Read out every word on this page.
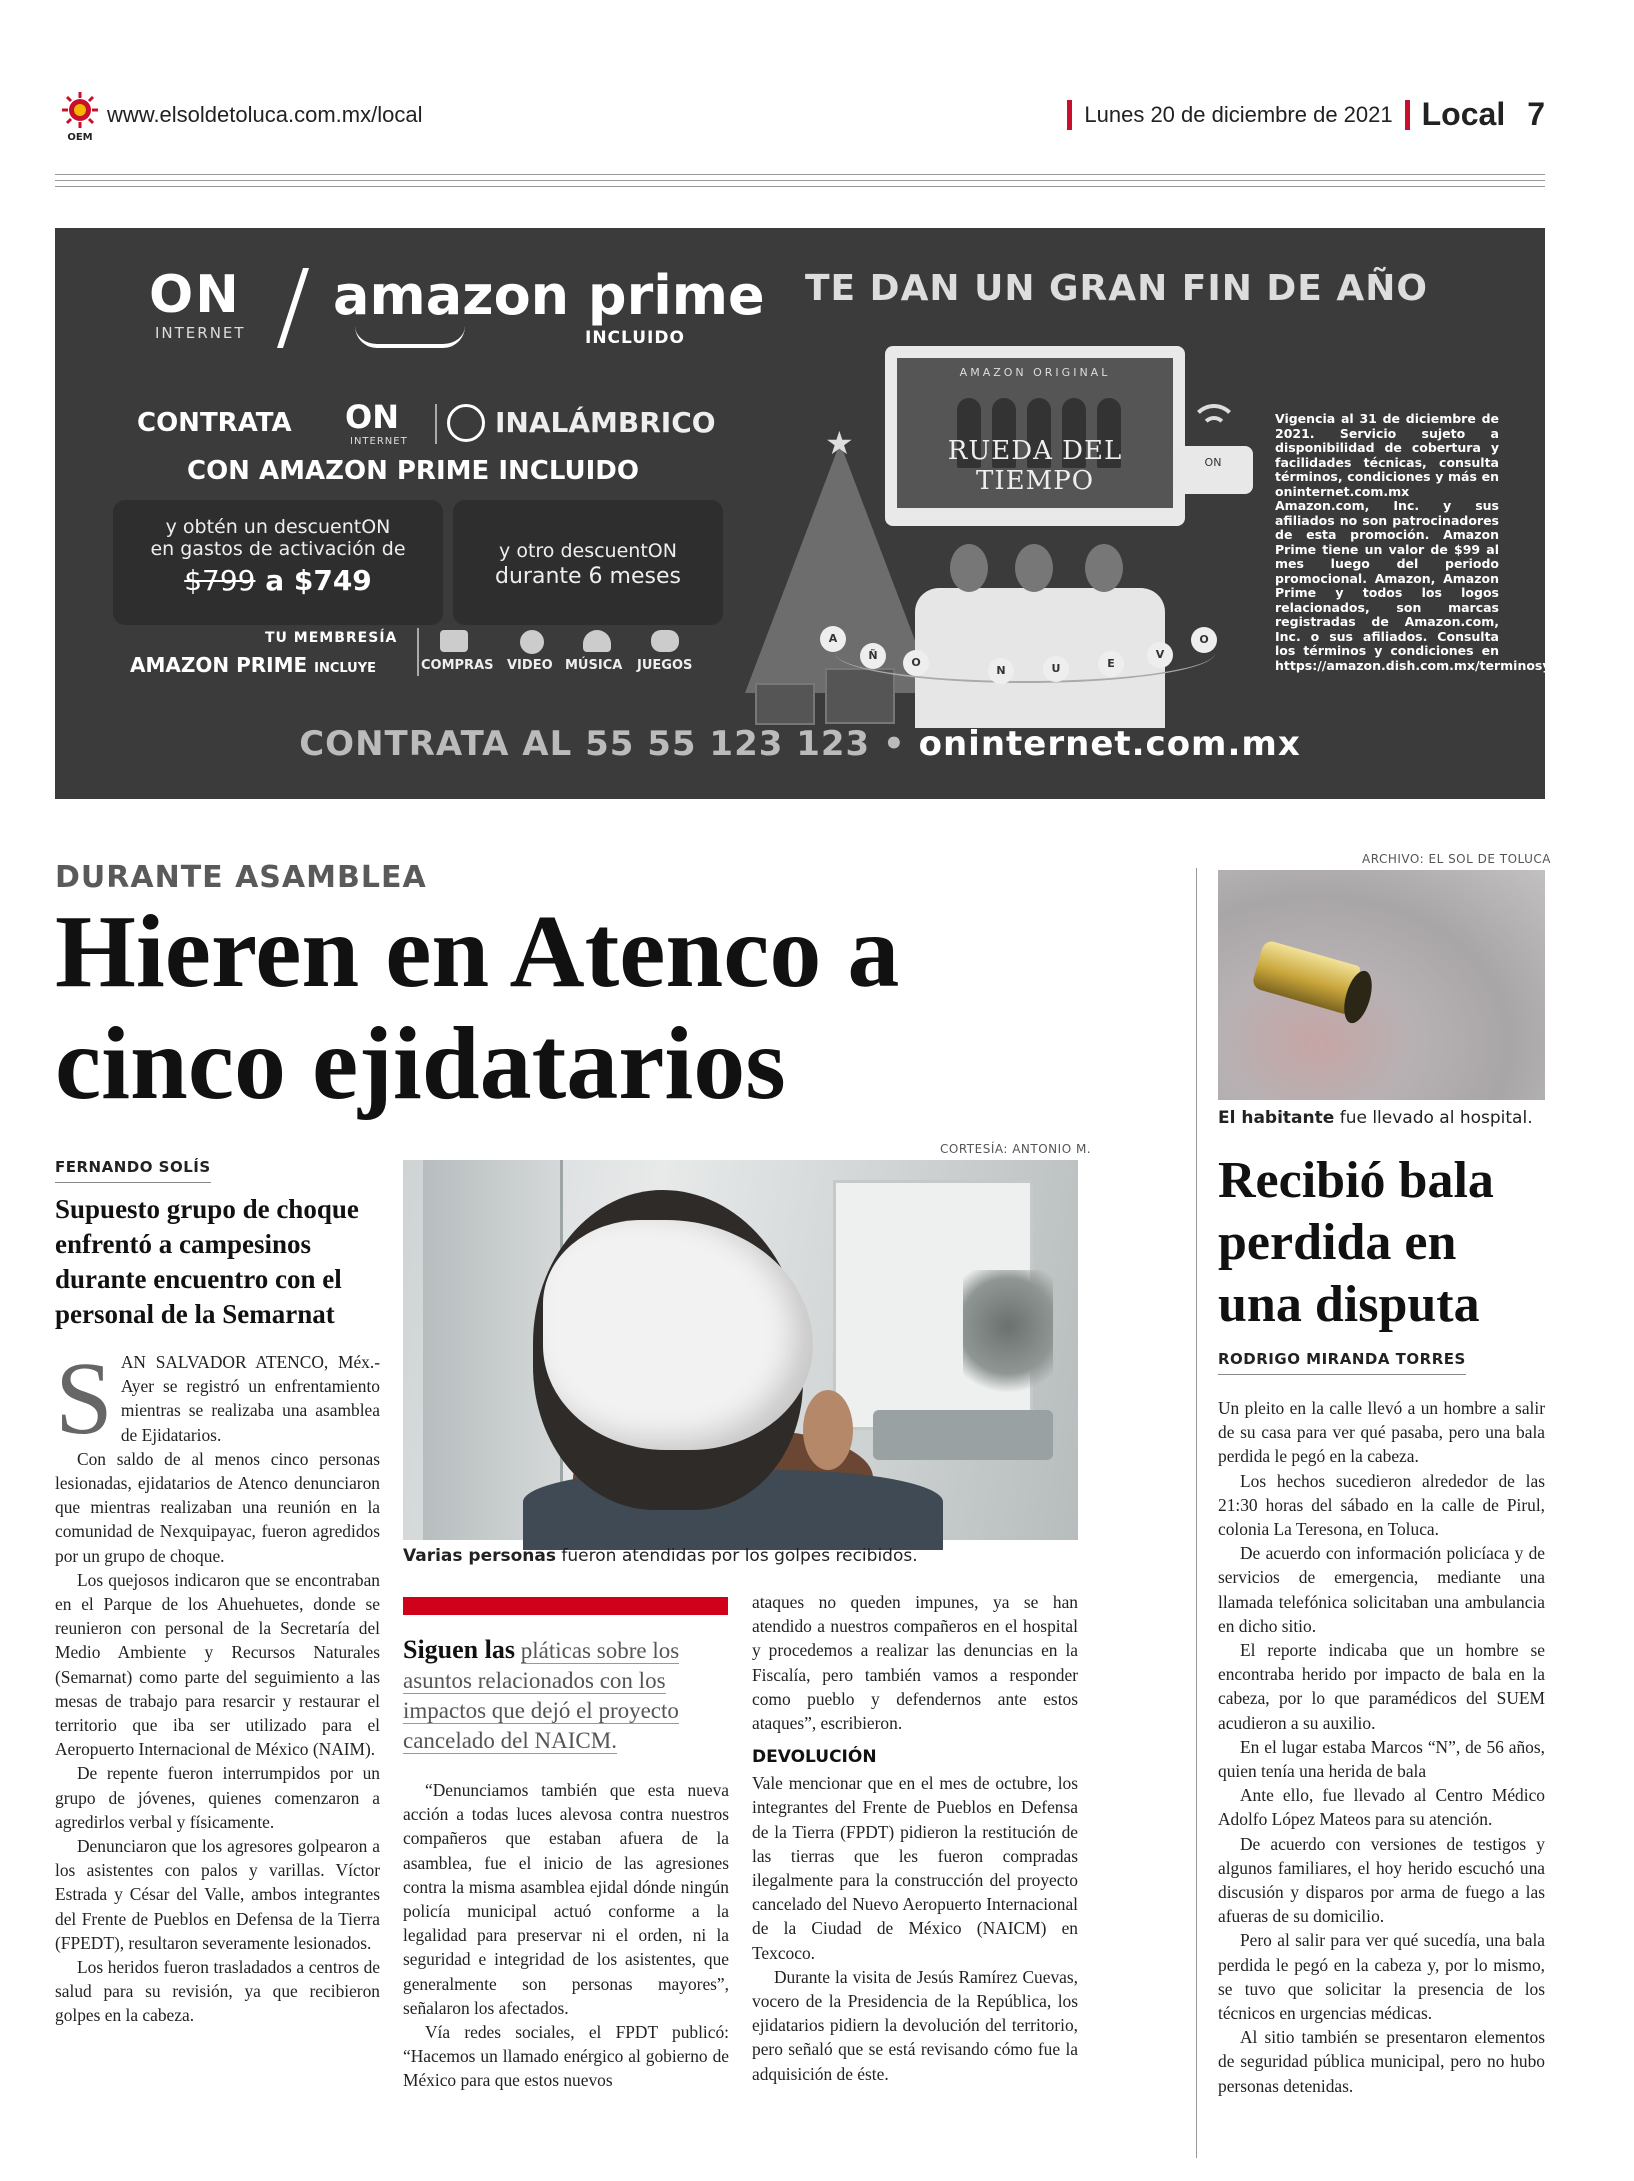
OEM
www.elsoldetoluca.com.mx/local	Lunes 20 de diciembre de 2021 Local 7
ON
INTERNET
amazon prime
INCLUIDO
TE DAN UN GRAN FIN DE AÑO
CONTRATA ON
INTERNET
INALÁMBRICO
CON AMAZON PRIME INCLUIDO
y obtén un descuentON
en gastos de activación de
$799 a $749
y otro descuentON
durante 6 meses
TU MEMBRESÍA
AMAZON PRIME INCLUYE	COMPRAS VIDEO MÚSICA JUEGOS
★
AMAZON ORIGINAL
RUEDA DEL TIEMPO
ON
A
Ñ
O
N	U	E
V
O
Vigencia al 31 de diciembre de 2021. Servicio sujeto a disponibilidad de cobertura y facilidades técnicas, consulta términos, condiciones y más en oninternet.com.mx Amazon.com, Inc. y sus afiliados no son patrocinadores de esta promoción. Amazon Prime tiene un valor de $99 al mes luego del periodo promocional. Amazon, Amazon Prime y todos los logos relacionados, son marcas registradas de Amazon.com, Inc. o sus afiliados. Consulta los términos y condiciones en https://amazon.dish.com.mx/terminosycondiciones
CONTRATA AL 55 55 123 123 • oninternet.com.mx
DURANTE ASAMBLEA
Hieren en Atenco a cinco ejidatarios
FERNANDO SOLÍS
CORTESÍA: ANTONIO M.
Supuesto grupo de choque enfrentó a campesinos durante encuentro con el personal de la Semarnat
S AN SALVADOR ATENCO, Méx.- Ayer se registró un enfrentamiento mientras se realizaba una asamblea de Ejidatarios.

Con saldo de al menos cinco personas lesionadas, ejidatarios de Atenco denunciaron que mientras realizaban una reunión en la comunidad de Nexquipayac, fueron agredidos por un grupo de choque.

Los quejosos indicaron que se encontraban en el Parque de los Ahuehuetes, donde se reunieron con personal de la Secretaría del Medio Ambiente y Recursos Naturales (Semarnat) como parte del seguimiento a las mesas de trabajo para resarcir y restaurar el territorio que iba ser utilizado para el Aeropuerto Internacional de México (NAIM).

De repente fueron interrumpidos por un grupo de jóvenes, quienes comenzaron a agredirlos verbal y físicamente.

Denunciaron que los agresores golpearon a los asistentes con palos y varillas. Víctor Estrada y César del Valle, ambos integrantes del Frente de Pueblos en Defensa de la Tierra (FPEDT), resultaron severamente lesionados.

Los heridos fueron trasladados a centros de salud para su revisión, ya que recibieron golpes en la cabeza.

Varias personas fueron atendidas por los golpes recibidos.
Siguen las pláticas sobre los asuntos relacionados con los impactos que dejó el proyecto cancelado del NAICM.

“Denunciamos también que esta nueva acción a todas luces alevosa contra nuestros compañeros que estaban afuera de la asamblea, fue el inicio de las agresiones contra la misma asamblea ejidal dónde ningún policía municipal actuó conforme a la legalidad para preservar ni el orden, ni la seguridad e integridad de los asistentes, que generalmente son personas mayores”, señalaron los afectados.

Vía redes sociales, el FPDT publicó: “Hacemos un llamado enérgico al gobierno de México para que estos nuevos

ataques no queden impunes, ya se han atendido a nuestros compañeros en el hospital y procedemos a realizar las denuncias en la Fiscalía, pero también vamos a responder como pueblo y defendernos ante estos ataques”, escribieron.

DEVOLUCIÓN

Vale mencionar que en el mes de octubre, los integrantes del Frente de Pueblos en Defensa de la Tierra (FPDT) pidieron la restitución de las tierras que les fueron compradas ilegalmente para la construcción del proyecto cancelado del Nuevo Aeropuerto Internacional de la Ciudad de México (NAICM) en Texcoco.

Durante la visita de Jesús Ramírez Cuevas, vocero de la Presidencia de la República, los ejidatarios pidiern la devolución del territorio, pero señaló que se está revisando cómo fue la adquisición de éste.

ARCHIVO: EL SOL DE TOLUCA
El habitante fue llevado al hospital.
Recibió bala perdida en una disputa
RODRIGO MIRANDA TORRES

Un pleito en la calle llevó a un hombre a salir de su casa para ver qué pasaba, pero una bala perdida le pegó en la cabeza.

Los hechos sucedieron alrededor de las 21:30 horas del sábado en la calle de Pirul, colonia La Teresona, en Toluca.

De acuerdo con información policíaca y de servicios de emergencia, mediante una llamada telefónica solicitaban una ambulancia en dicho sitio.

El reporte indicaba que un hombre se encontraba herido por impacto de bala en la cabeza, por lo que paramédicos del SUEM acudieron a su auxilio.

En el lugar estaba Marcos “N”, de 56 años, quien tenía una herida de bala

Ante ello, fue llevado al Centro Médico Adolfo López Mateos para su atención.

De acuerdo con versiones de testigos y algunos familiares, el hoy herido escuchó una discusión y disparos por arma de fuego a las afueras de su domicilio.

Pero al salir para ver qué sucedía, una bala perdida le pegó en la cabeza y, por lo mismo, se tuvo que solicitar la presencia de los técnicos en urgencias médicas.

Al sitio también se presentaron elementos de seguridad pública municipal, pero no hubo personas detenidas.
